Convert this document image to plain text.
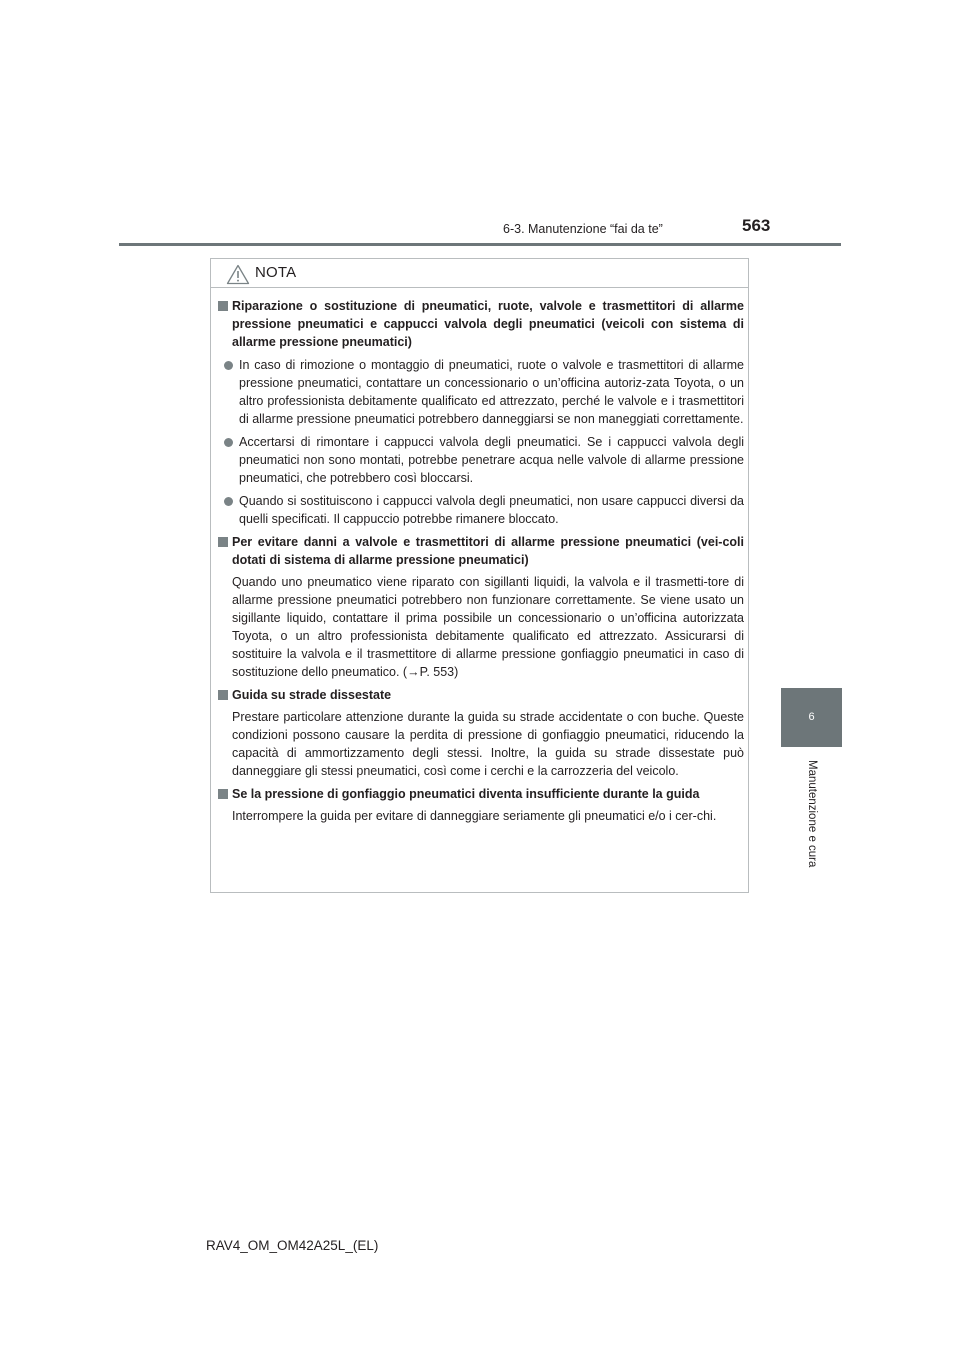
6-3. Manutenzione “fai da te”	563
6
Manutenzione e cura
NOTA
Riparazione o sostituzione di pneumatici, ruote, valvole e trasmettitori di allarme pressione pneumatici e cappucci valvola degli pneumatici (veicoli con sistema di allarme pressione pneumatici)
In caso di rimozione o montaggio di pneumatici, ruote o valvole e trasmettitori di allarme pressione pneumatici, contattare un concessionario o un’officina autoriz-zata Toyota, o un altro professionista debitamente qualificato ed attrezzato, perché le valvole e i trasmettitori di allarme pressione pneumatici potrebbero danneggiarsi se non maneggiati correttamente.
Accertarsi di rimontare i cappucci valvola degli pneumatici. Se i cappucci valvola degli pneumatici non sono montati, potrebbe penetrare acqua nelle valvole di allarme pressione pneumatici, che potrebbero così bloccarsi.
Quando si sostituiscono i cappucci valvola degli pneumatici, non usare cappucci diversi da quelli specificati. Il cappuccio potrebbe rimanere bloccato.
Per evitare danni a valvole e trasmettitori di allarme pressione pneumatici (vei-coli dotati di sistema di allarme pressione pneumatici)
Quando uno pneumatico viene riparato con sigillanti liquidi, la valvola e il trasmetti-tore di allarme pressione pneumatici potrebbero non funzionare correttamente. Se viene usato un sigillante liquido, contattare il prima possibile un concessionario o un’officina autorizzata Toyota, o un altro professionista debitamente qualificato ed attrezzato. Assicurarsi di sostituire la valvola e il trasmettitore di allarme pressione gonfiaggio pneumatici in caso di sostituzione dello pneumatico. (→P. 553)
Guida su strade dissestate
Prestare particolare attenzione durante la guida su strade accidentate o con buche. Queste condizioni possono causare la perdita di pressione di gonfiaggio pneumatici, riducendo la capacità di ammortizzamento degli stessi. Inoltre, la guida su strade dissestate può danneggiare gli stessi pneumatici, così come i cerchi e la carrozzeria del veicolo.
Se la pressione di gonfiaggio pneumatici diventa insufficiente durante la guida
Interrompere la guida per evitare di danneggiare seriamente gli pneumatici e/o i cer-chi.
RAV4_OM_OM42A25L_(EL)
